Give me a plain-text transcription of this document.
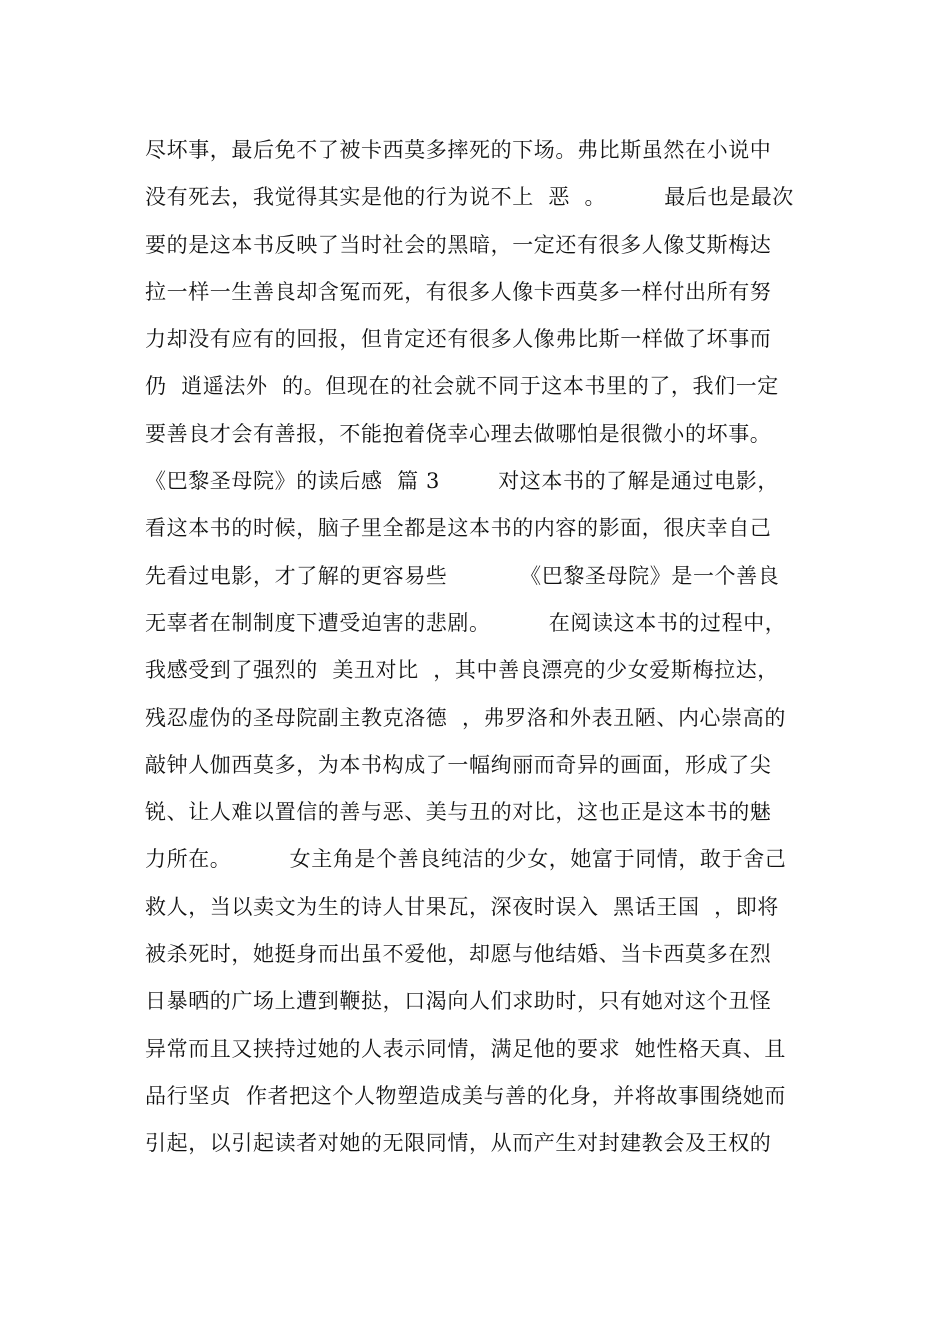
尽坏事，最后免不了被卡西莫多摔死的下场。弗比斯虽然在小说中
没有死去，我觉得其实是他的行为说不上  恶  。        最后也是最次
要的是这本书反映了当时社会的黑暗，一定还有很多人像艾斯梅达
拉一样一生善良却含冤而死，有很多人像卡西莫多一样付出所有努
力却没有应有的回报，但肯定还有很多人像弗比斯一样做了坏事而
仍  逍遥法外  的。但现在的社会就不同于这本书里的了，我们一定
要善良才会有善报，不能抱着侥幸心理去做哪怕是很微小的坏事。
《巴黎圣母院》的读后感  篇 3        对这本书的了解是通过电影，
看这本书的时候，脑子里全都是这本书的内容的影面，很庆幸自己
先看过电影，才了解的更容易些          《巴黎圣母院》是一个善良
无辜者在制制度下遭受迫害的悲剧。        在阅读这本书的过程中，
我感受到了强烈的  美丑对比  ，其中善良漂亮的少女爱斯梅拉达，
残忍虚伪的圣母院副主教克洛德  ，弗罗洛和外表丑陋、内心崇高的
敲钟人伽西莫多，为本书构成了一幅绚丽而奇异的画面，形成了尖
锐、让人难以置信的善与恶、美与丑的对比，这也正是这本书的魅
力所在。        女主角是个善良纯洁的少女，她富于同情，敢于舍己
救人，当以卖文为生的诗人甘果瓦，深夜时误入  黑话王国  ，即将
被杀死时，她挺身而出虽不爱他，却愿与他结婚、当卡西莫多在烈
日暴晒的广场上遭到鞭挞，口渴向人们求助时，只有她对这个丑怪
异常而且又挟持过她的人表示同情，满足他的要求  她性格天真、且
品行坚贞  作者把这个人物塑造成美与善的化身，并将故事围绕她而
引起，以引起读者对她的无限同情，从而产生对封建教会及王权的
